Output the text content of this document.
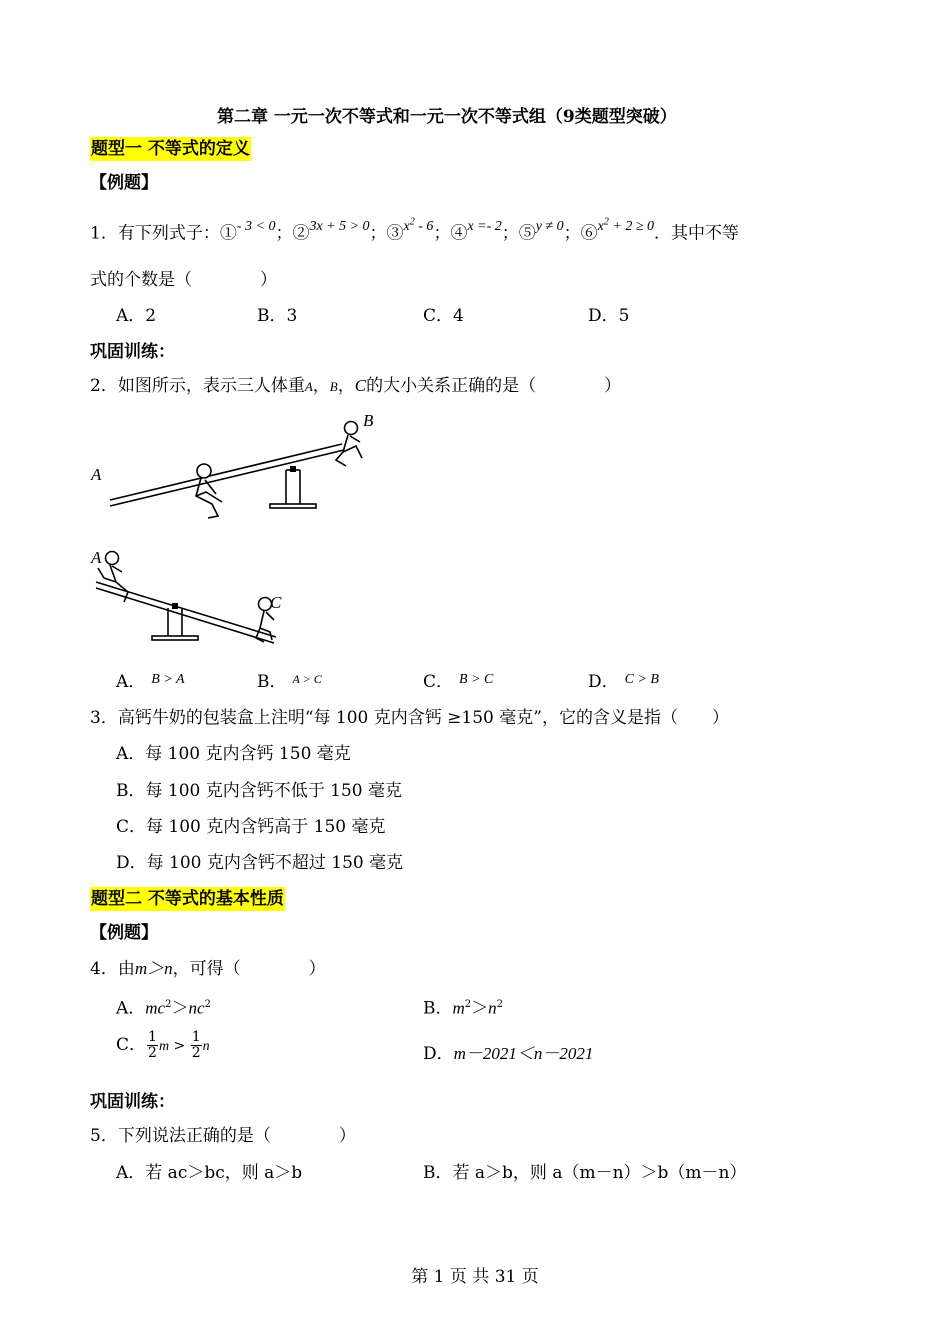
第二章 一元一次不等式和一元一次不等式组（9类题型突破）
题型一 不等式的定义
【例题】
1．有下列式子：①$^{- 3 < 0}$；②$^{3x + 5 > 0}$；③$^{x^2 - 6}$；④$^{x =- 2}$；⑤$^{y \ne 0}$；⑥$^{x^2 + 2 \ge 0}$．其中不等
式的个数是（　　　　）
A．2	B．3	C．4	D．5
巩固训练：
2．如图所示，表示三人体重A，B，C的大小关系正确的是（　　　　）
A
B
A
C
A． $^{B > A}$	B． $^{A > C}$	C． $^{B > C}$	D． $^{C > B}$
3．高钙牛奶的包装盒上注明“每 100 克内含钙 ≥150 毫克”，它的含义是指（　　）
A．每 100 克内含钙 150 毫克
B．每 100 克内含钙不低于 150 毫克
C．每 100 克内含钙高于 150 毫克
D．每 100 克内含钙不超过 150 毫克
题型二 不等式的基本性质
【例题】
4．由m＞n，可得（　　　　）
A．$mc^2>nc^2$	B．$m^2>n^2$
C． $\frac{1}{2}$ $m > \frac{1}{2}$ n	D．m－2021＜n－2021
巩固训练：
5．下列说法正确的是（　　　　）
A．若 ac＞bc，则 a＞b	B．若 a＞b，则 a（m－n）＞b（m－n）
第 1 页 共 31 页
